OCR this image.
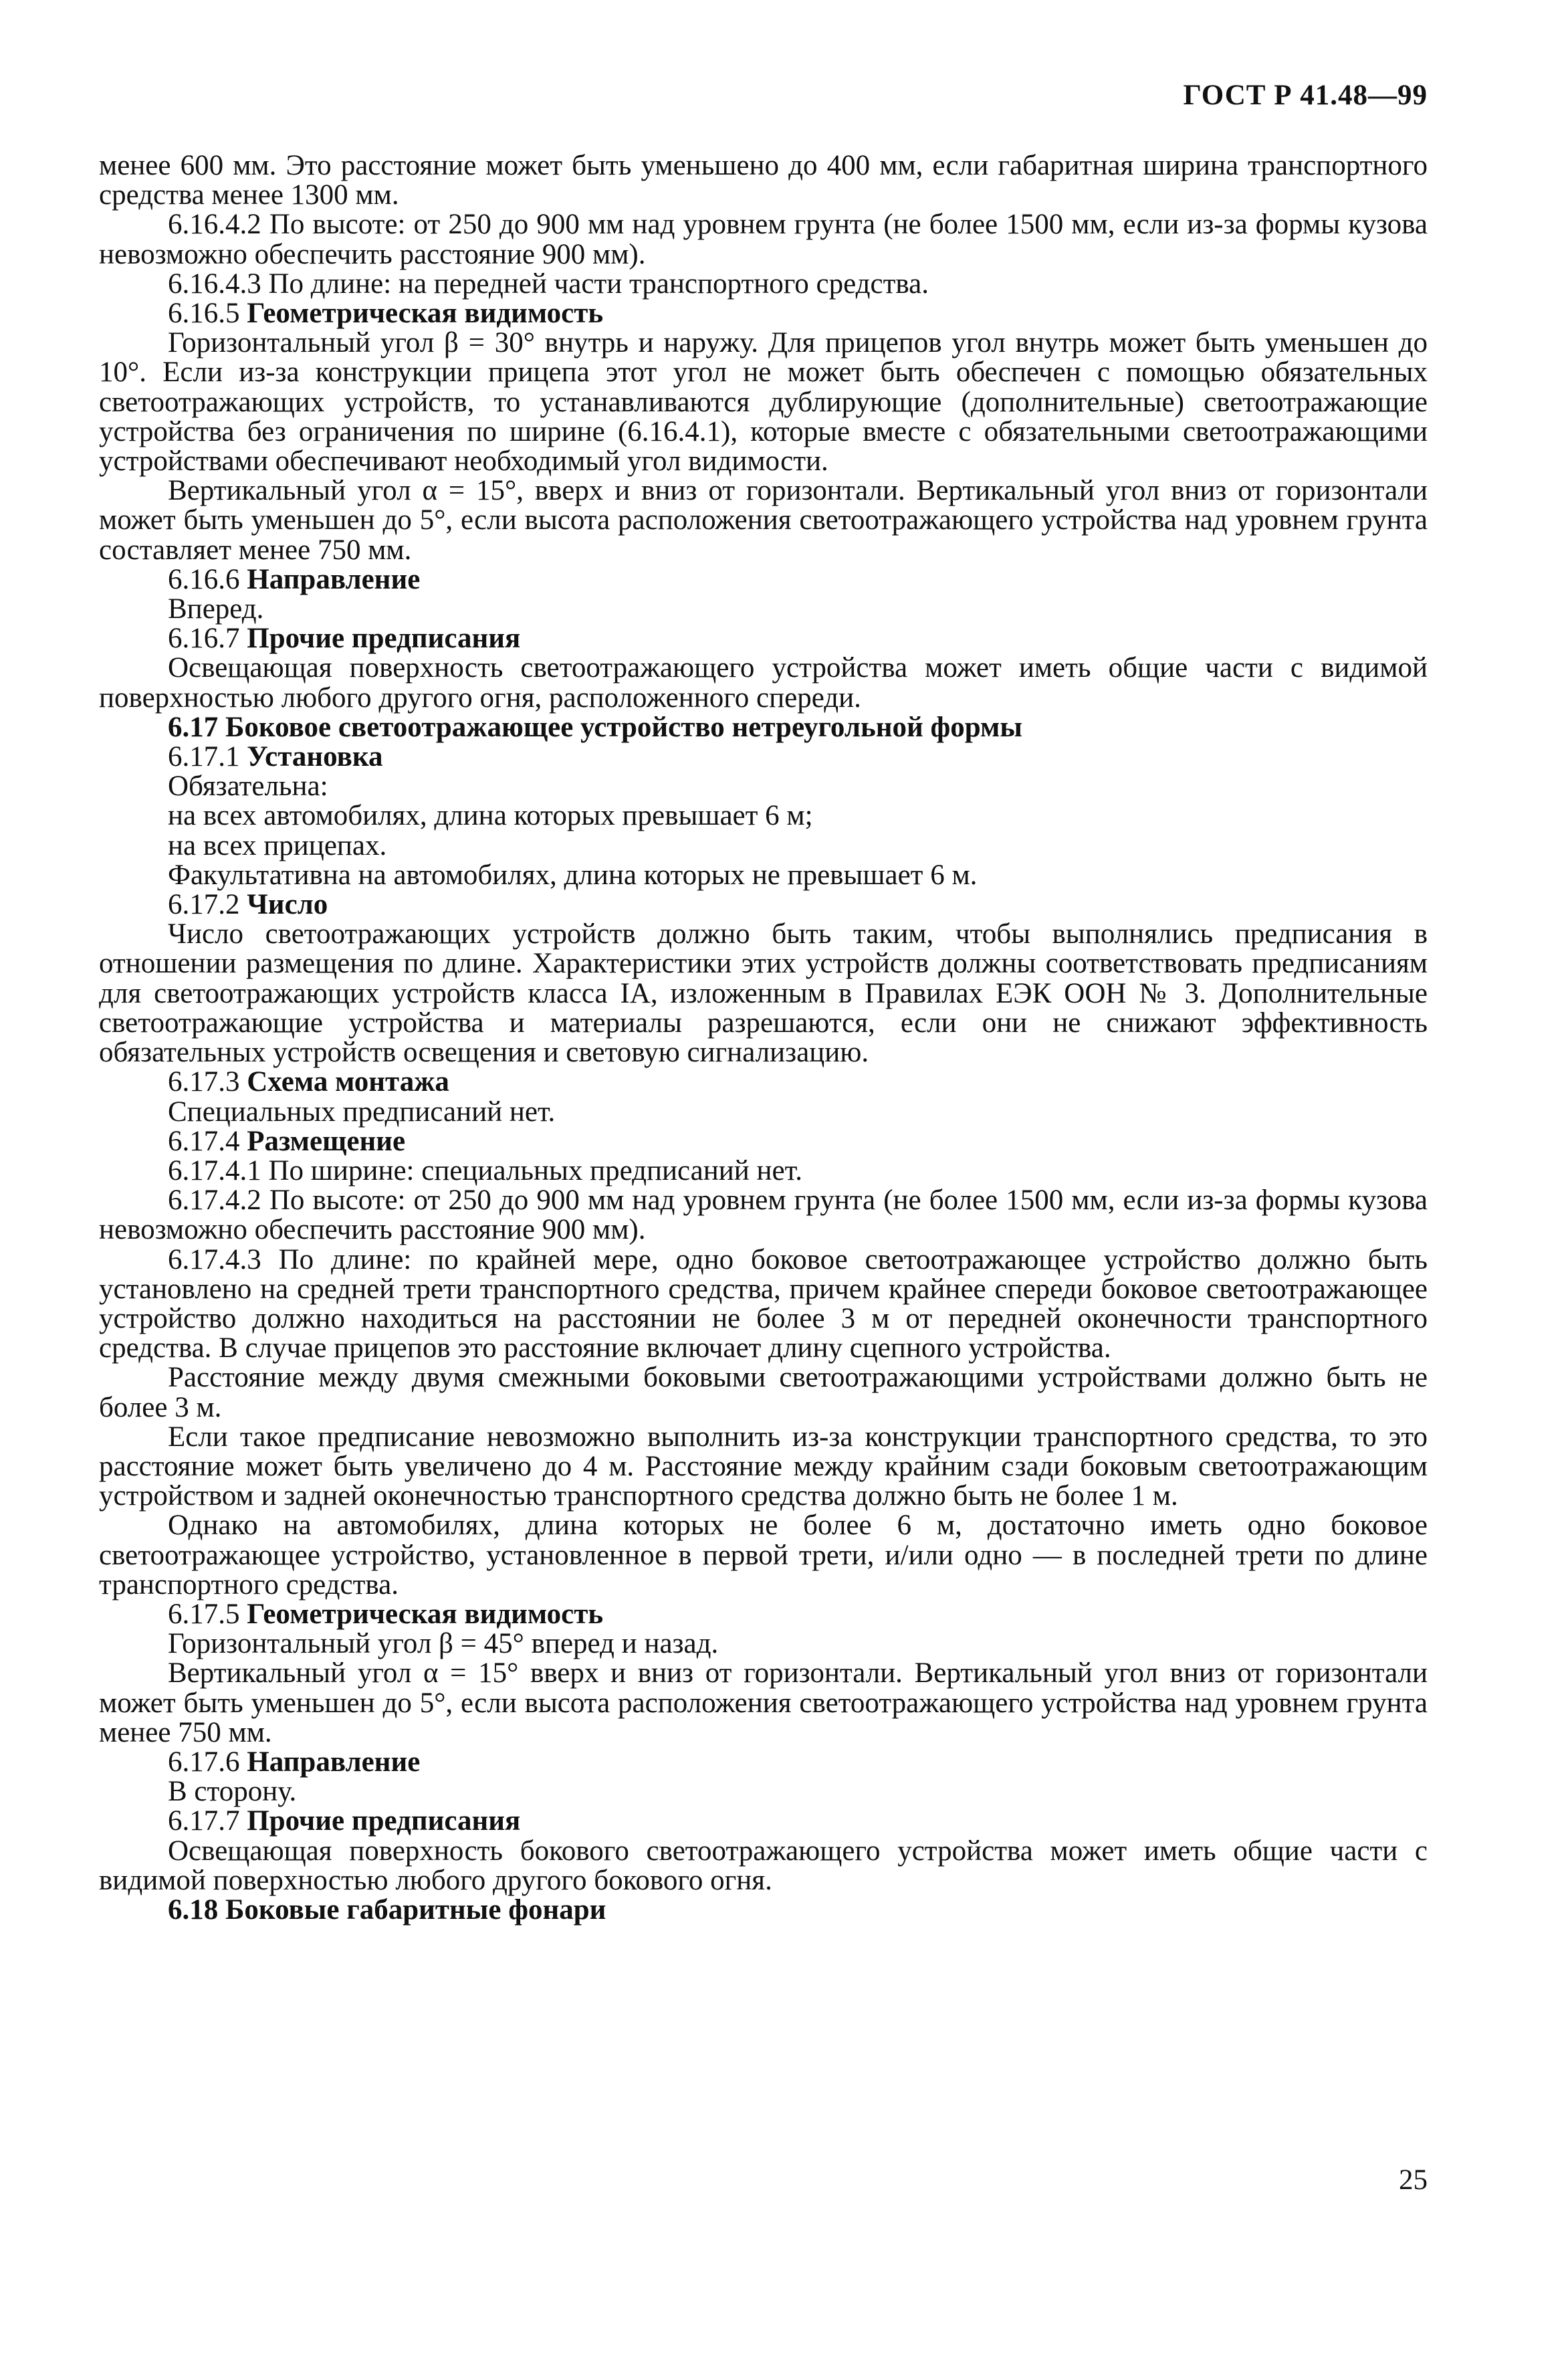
ГОСТ Р 41.48—99

менее 600 мм. Это расстояние может быть уменьшено до 400 мм, если габаритная ширина транспортного средства менее 1300 мм.

6.16.4.2 По высоте: от 250 до 900 мм над уровнем грунта (не более 1500 мм, если из-за формы кузова невозможно обеспечить расстояние 900 мм).

6.16.4.3 По длине: на передней части транспортного средства.

6.16.5 Геометрическая видимость

Горизонтальный угол β = 30° внутрь и наружу. Для прицепов угол внутрь может быть уменьшен до 10°. Если из-за конструкции прицепа этот угол не может быть обеспечен с помощью обязательных светоотражающих устройств, то устанавливаются дублирующие (дополнительные) светоотражающие устройства без ограничения по ширине (6.16.4.1), которые вместе с обязательными светоотражающими устройствами обеспечивают необходимый угол видимости.

Вертикальный угол α = 15°, вверх и вниз от горизонтали. Вертикальный угол вниз от горизонтали может быть уменьшен до 5°, если высота расположения светоотражающего устройства над уровнем грунта составляет менее 750 мм.

6.16.6 Направление

Вперед.

6.16.7 Прочие предписания

Освещающая поверхность светоотражающего устройства может иметь общие части с видимой поверхностью любого другого огня, расположенного спереди.

6.17 Боковое светоотражающее устройство нетреугольной формы

6.17.1 Установка

Обязательна:

на всех автомобилях, длина которых превышает 6 м;

на всех прицепах.

Факультативна на автомобилях, длина которых не превышает 6 м.

6.17.2 Число

Число светоотражающих устройств должно быть таким, чтобы выполнялись предписания в отношении размещения по длине. Характеристики этих устройств должны соответствовать предписаниям для светоотражающих устройств класса IA, изложенным в Правилах ЕЭК ООН № 3. Дополнительные светоотражающие устройства и материалы разрешаются, если они не снижают эффективность обязательных устройств освещения и световую сигнализацию.

6.17.3 Схема монтажа

Специальных предписаний нет.

6.17.4 Размещение

6.17.4.1 По ширине: специальных предписаний нет.

6.17.4.2 По высоте: от 250 до 900 мм над уровнем грунта (не более 1500 мм, если из-за формы кузова невозможно обеспечить расстояние 900 мм).

6.17.4.3 По длине: по крайней мере, одно боковое светоотражающее устройство должно быть установлено на средней трети транспортного средства, причем крайнее спереди боковое светоотражающее устройство должно находиться на расстоянии не более 3 м от передней оконечности транспортного средства. В случае прицепов это расстояние включает длину сцепного устройства.

Расстояние между двумя смежными боковыми светоотражающими устройствами должно быть не более 3 м.

Если такое предписание невозможно выполнить из-за конструкции транспортного средства, то это расстояние может быть увеличено до 4 м. Расстояние между крайним сзади боковым светоотражающим устройством и задней оконечностью транспортного средства должно быть не более 1 м.

Однако на автомобилях, длина которых не более 6 м, достаточно иметь одно боковое светоотражающее устройство, установленное в первой трети, и/или одно — в последней трети по длине транспортного средства.

6.17.5 Геометрическая видимость

Горизонтальный угол β = 45° вперед и назад.

Вертикальный угол α = 15° вверх и вниз от горизонтали. Вертикальный угол вниз от горизонтали может быть уменьшен до 5°, если высота расположения светоотражающего устройства над уровнем грунта менее 750 мм.

6.17.6 Направление

В сторону.

6.17.7 Прочие предписания

Освещающая поверхность бокового светоотражающего устройства может иметь общие части с видимой поверхностью любого другого бокового огня.

6.18 Боковые габаритные фонари

25
